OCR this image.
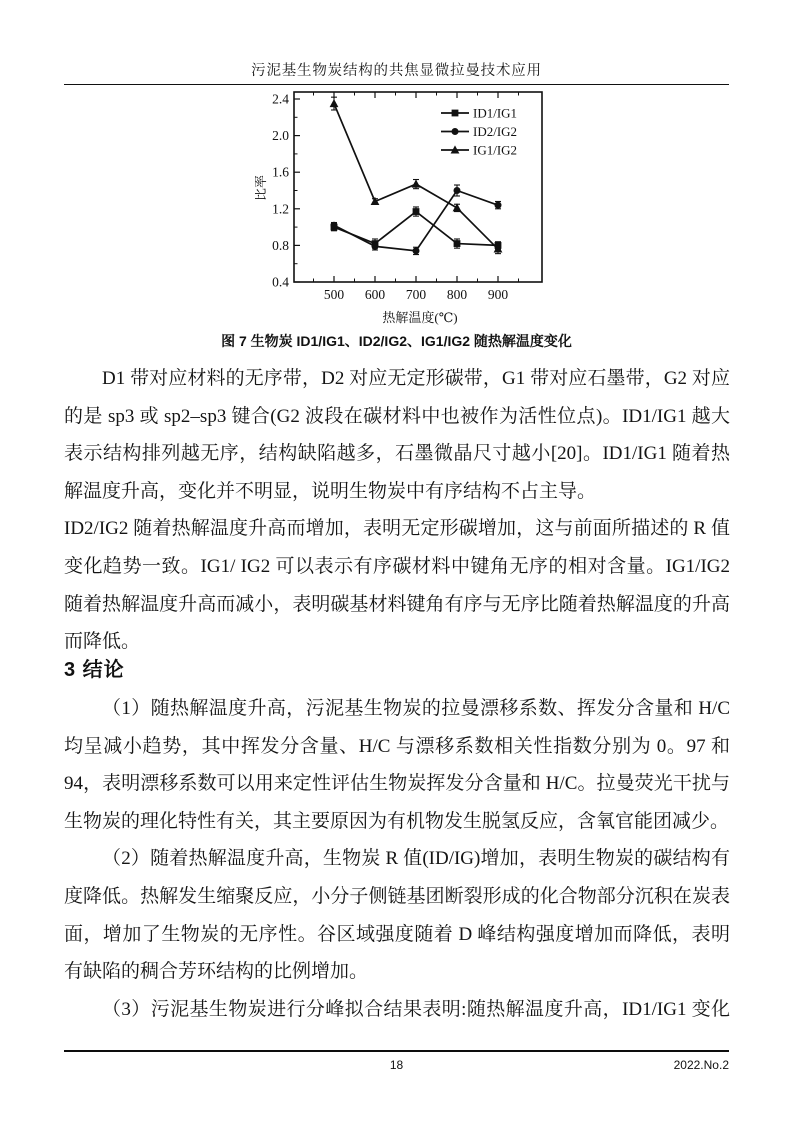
污泥基生物炭结构的共焦显微拉曼技术应用
500 600 700 800 900
0.4
0.8
1.2
1.6
2.0
2.4
ID1/IG1
ID2/IG2
IG1/IG2
热解温度(℃)
比率
图 7 生物炭 ID1/IG1、ID2/IG2、IG1/IG2 随热解温度变化
D1 带对应材料的无序带，D2 对应无定形碳带，G1 带对应石墨带，G2 对应
的是 sp3 或 sp2–sp3 键合(G2 波段在碳材料中也被作为活性位点)。ID1/IG1 越大
表示结构排列越无序，结构缺陷越多，石墨微晶尺寸越小[20]。ID1/IG1 随着热
解温度升高，变化并不明显，说明生物炭中有序结构不占主导。
ID2/IG2 随着热解温度升高而增加，表明无定形碳增加，这与前面所描述的 R 值
变化趋势一致。IG1/ IG2 可以表示有序碳材料中键角无序的相对含量。IG1/IG2
随着热解温度升高而减小，表明碳基材料键角有序与无序比随着热解温度的升高
而降低。
3 结论
（1）随热解温度升高，污泥基生物炭的拉曼漂移系数、挥发分含量和 H/C
均呈减小趋势，其中挥发分含量、H/C 与漂移系数相关性指数分别为 0。97 和
94，表明漂移系数可以用来定性评估生物炭挥发分含量和 H/C。拉曼荧光干扰与
生物炭的理化特性有关，其主要原因为有机物发生脱氢反应，含氧官能团减少。
（2）随着热解温度升高，生物炭 R 值(ID/IG)增加，表明生物炭的碳结构有
度降低。热解发生缩聚反应，小分子侧链基团断裂形成的化合物部分沉积在炭表
面，增加了生物炭的无序性。谷区域强度随着 D 峰结构强度增加而降低，表明
有缺陷的稠合芳环结构的比例增加。
（3）污泥基生物炭进行分峰拟合结果表明:随热解温度升高，ID1/IG1 变化
18	2022.No.2
